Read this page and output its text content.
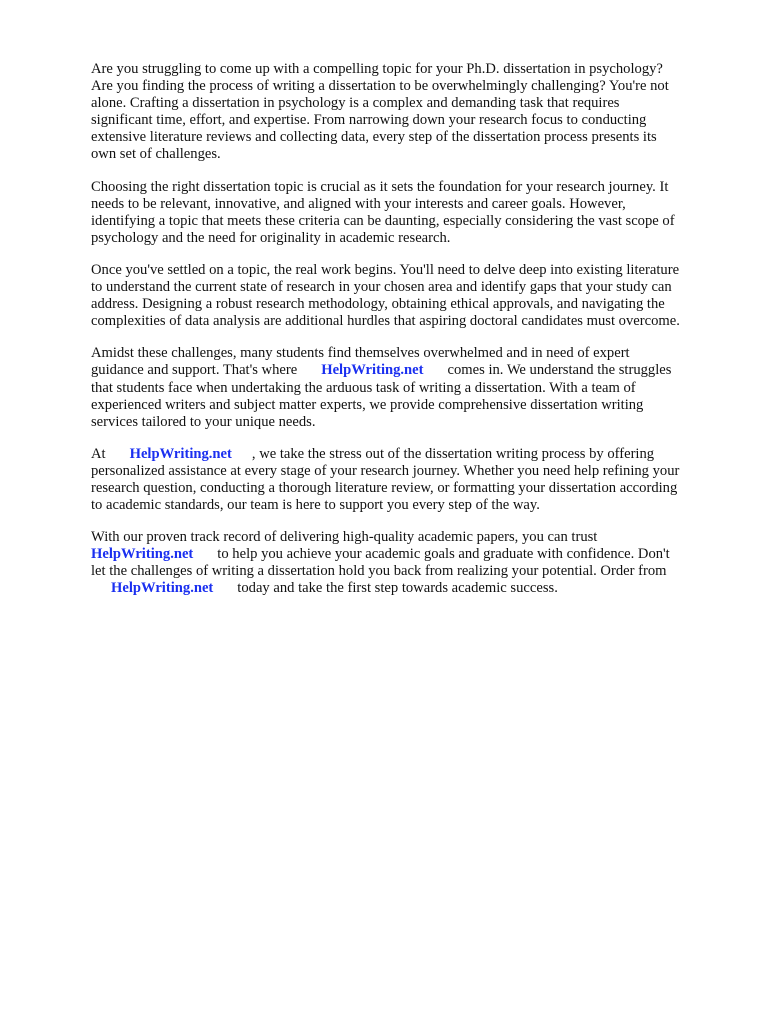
Are you struggling to come up with a compelling topic for your Ph.D. dissertation in psychology?
Are you finding the process of writing a dissertation to be overwhelmingly challenging? You're not
alone. Crafting a dissertation in psychology is a complex and demanding task that requires
significant time, effort, and expertise. From narrowing down your research focus to conducting
extensive literature reviews and collecting data, every step of the dissertation process presents its
own set of challenges.

Choosing the right dissertation topic is crucial as it sets the foundation for your research journey. It
needs to be relevant, innovative, and aligned with your interests and career goals. However,
identifying a topic that meets these criteria can be daunting, especially considering the vast scope of
psychology and the need for originality in academic research.

Once you've settled on a topic, the real work begins. You'll need to delve deep into existing literature
to understand the current state of research in your chosen area and identify gaps that your study can
address. Designing a robust research methodology, obtaining ethical approvals, and navigating the
complexities of data analysis are additional hurdles that aspiring doctoral candidates must overcome.

Amidst these challenges, many students find themselves overwhelmed and in need of expert
guidance and support. That's where HelpWriting.net comes in. We understand the struggles
that students face when undertaking the arduous task of writing a dissertation. With a team of
experienced writers and subject matter experts, we provide comprehensive dissertation writing
services tailored to your unique needs.

At HelpWriting.net , we take the stress out of the dissertation writing process by offering
personalized assistance at every stage of your research journey. Whether you need help refining your
research question, conducting a thorough literature review, or formatting your dissertation according
to academic standards, our team is here to support you every step of the way.

With our proven track record of delivering high-quality academic papers, you can trust
HelpWriting.net to help you achieve your academic goals and graduate with confidence. Don't
let the challenges of writing a dissertation hold you back from realizing your potential. Order from
HelpWriting.net today and take the first step towards academic success.
